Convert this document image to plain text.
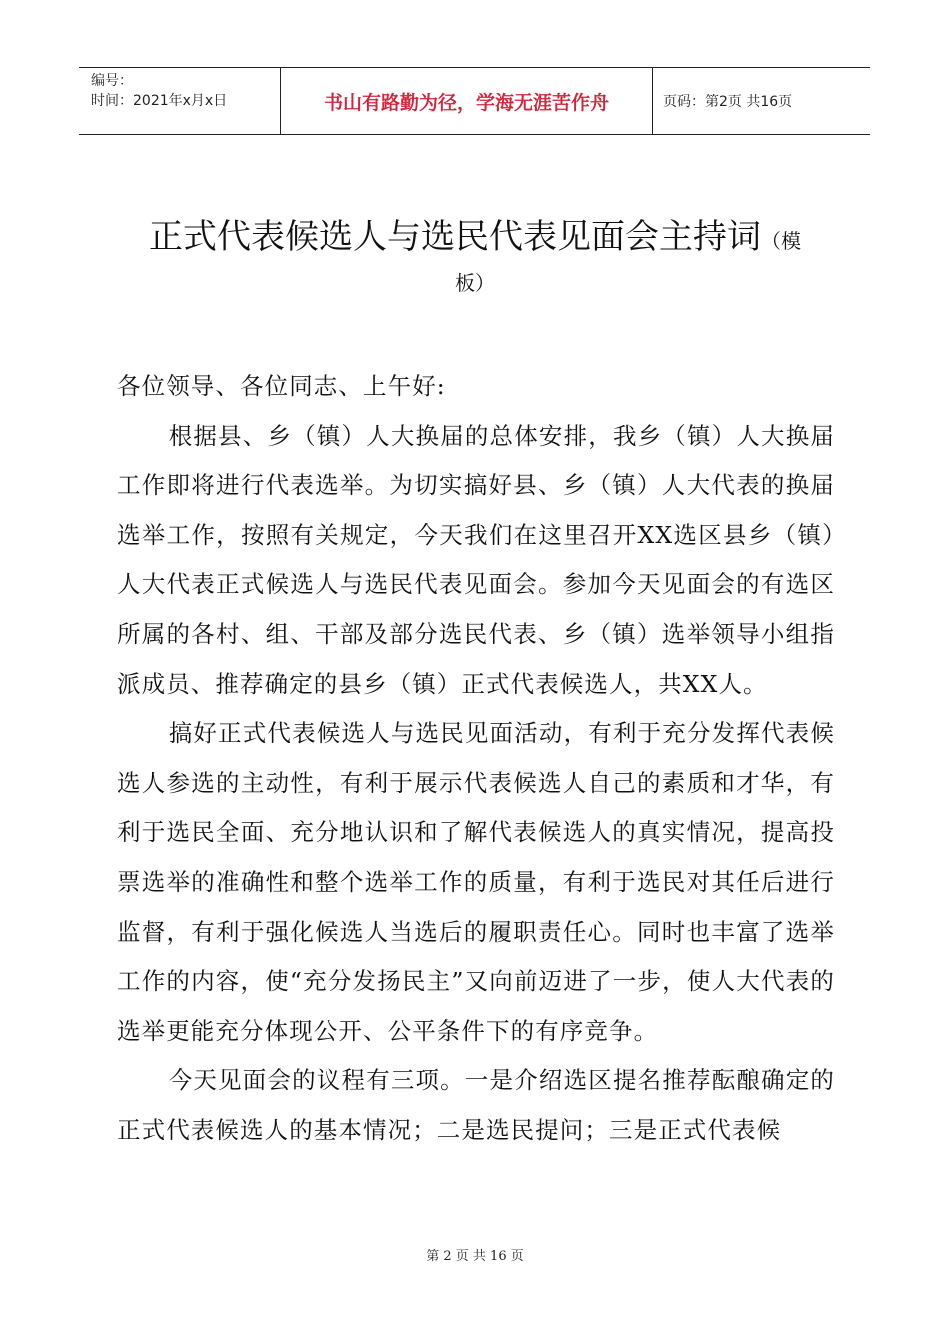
编号：
时间：2021年x月x日	书山有路勤为径，学海无涯苦作舟	页码：第2页 共16页
正式代表候选人与选民代表见面会主持词（模
板）

各位领导、各位同志、上午好:

根据县、乡（镇）人大换届的总体安排，我乡（镇）人大换届工作即将进行代表选举。为切实搞好县、乡（镇）人大代表的换届选举工作，按照有关规定，今天我们在这里召开XX选区县乡（镇）人大代表正式候选人与选民代表见面会。参加今天见面会的有选区所属的各村、组、干部及部分选民代表、乡（镇）选举领导小组指派成员、推荐确定的县乡（镇）正式代表候选人，共XX人。

搞好正式代表候选人与选民见面活动，有利于充分发挥代表候选人参选的主动性，有利于展示代表候选人自己的素质和才华，有利于选民全面、充分地认识和了解代表候选人的真实情况，提高投票选举的准确性和整个选举工作的质量，有利于选民对其任后进行监督，有利于强化候选人当选后的履职责任心。同时也丰富了选举工作的内容，使“充分发扬民主”又向前迈进了一步，使人大代表的选举更能充分体现公开、公平条件下的有序竞争。

今天见面会的议程有三项。一是介绍选区提名推荐酝酿确定的正式代表候选人的基本情况；二是选民提问；三是正式代表候

第 2 页 共 16 页
